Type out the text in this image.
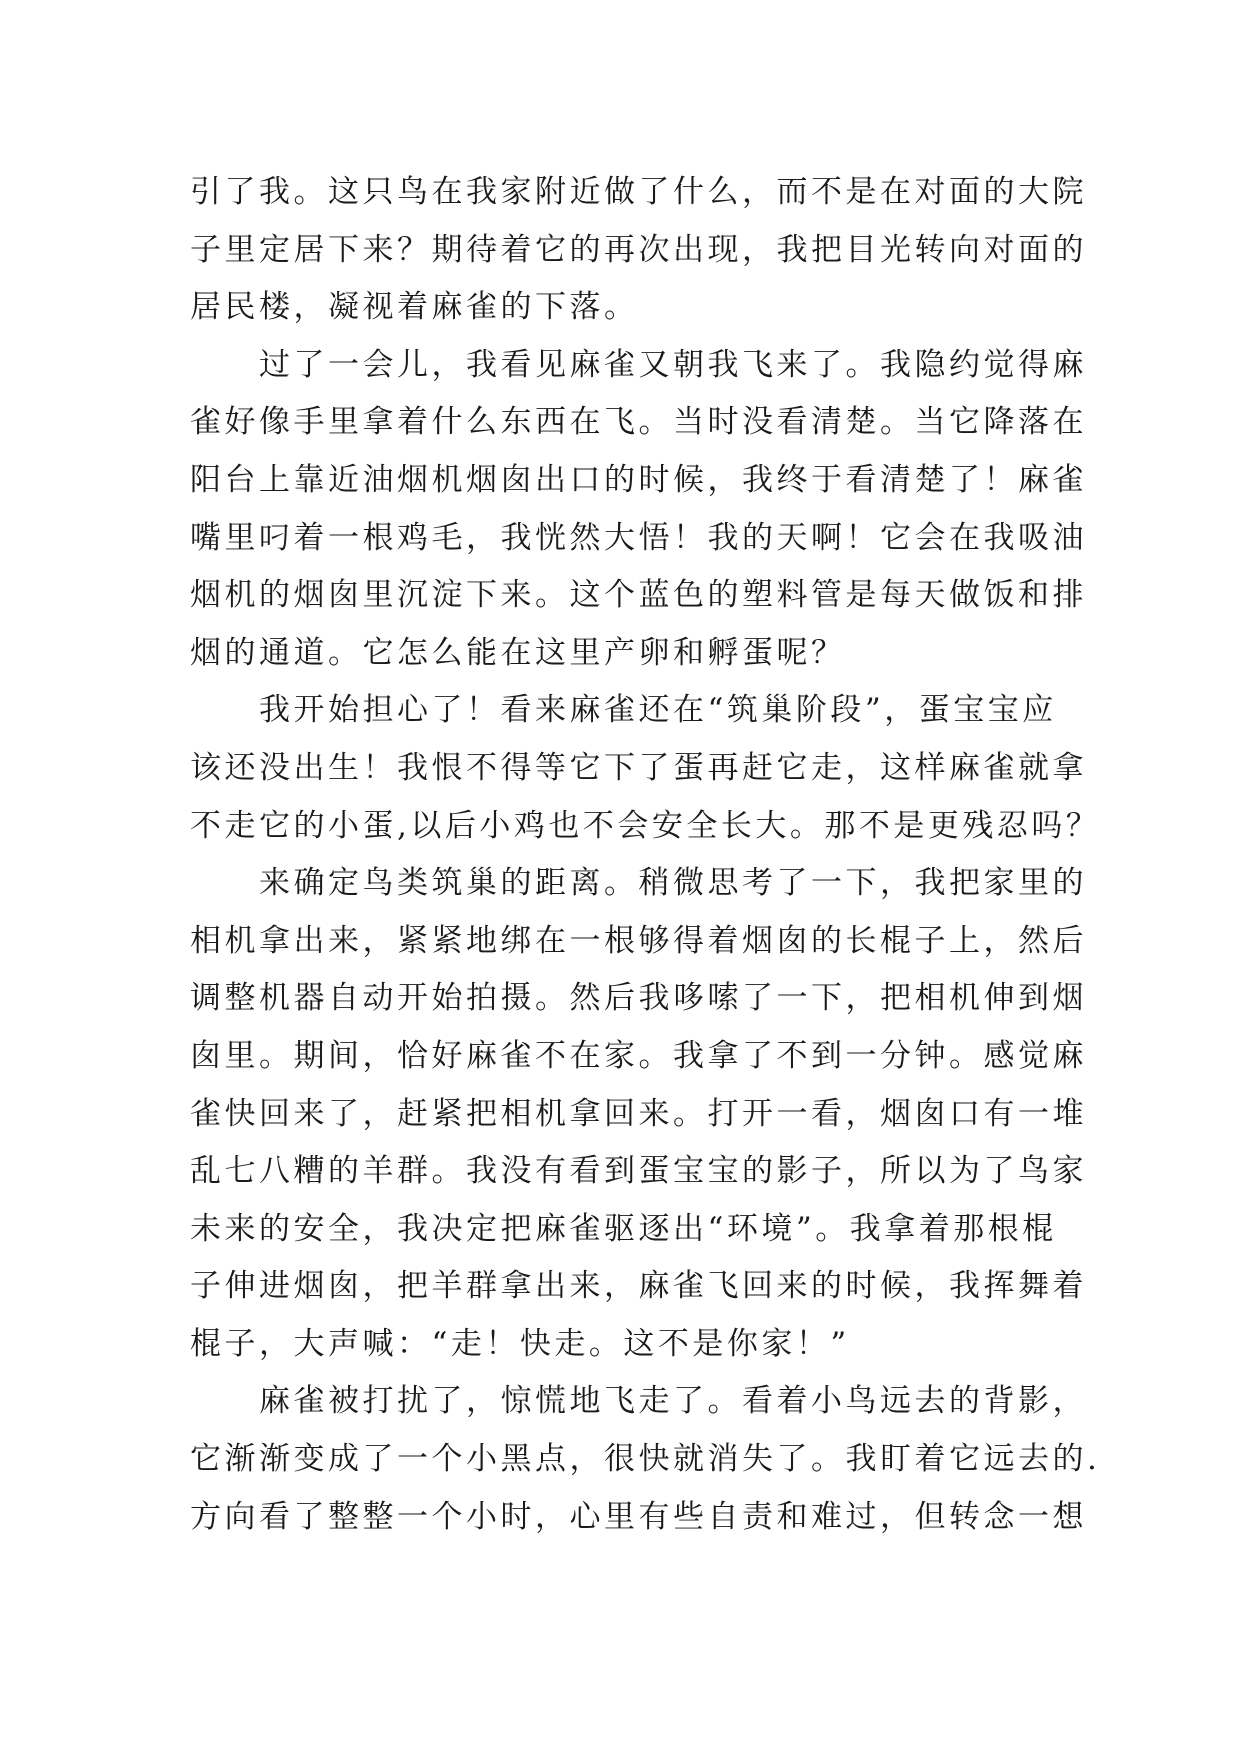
引了我。这只鸟在我家附近做了什么，而不是在对面的大院
子里定居下来？期待着它的再次出现，我把目光转向对面的
居民楼，凝视着麻雀的下落。
　　过了一会儿，我看见麻雀又朝我飞来了。我隐约觉得麻
雀好像手里拿着什么东西在飞。当时没看清楚。当它降落在
阳台上靠近油烟机烟囱出口的时候，我终于看清楚了！麻雀
嘴里叼着一根鸡毛，我恍然大悟！我的天啊！它会在我吸油
烟机的烟囱里沉淀下来。这个蓝色的塑料管是每天做饭和排
烟的通道。它怎么能在这里产卵和孵蛋呢？
　　我开始担心了！看来麻雀还在“筑巢阶段”，蛋宝宝应
该还没出生！我恨不得等它下了蛋再赶它走，这样麻雀就拿
不走它的小蛋,以后小鸡也不会安全长大。那不是更残忍吗？
　　来确定鸟类筑巢的距离。稍微思考了一下，我把家里的
相机拿出来，紧紧地绑在一根够得着烟囱的长棍子上，然后
调整机器自动开始拍摄。然后我哆嗦了一下，把相机伸到烟
囱里。期间，恰好麻雀不在家。我拿了不到一分钟。感觉麻
雀快回来了，赶紧把相机拿回来。打开一看，烟囱口有一堆
乱七八糟的羊群。我没有看到蛋宝宝的影子，所以为了鸟家
未来的安全，我决定把麻雀驱逐出“环境”。我拿着那根棍
子伸进烟囱，把羊群拿出来，麻雀飞回来的时候，我挥舞着
棍子，大声喊：“走！快走。这不是你家！”
　　麻雀被打扰了，惊慌地飞走了。看着小鸟远去的背影，
它渐渐变成了一个小黑点，很快就消失了。我盯着它远去的.
方向看了整整一个小时，心里有些自责和难过，但转念一想
